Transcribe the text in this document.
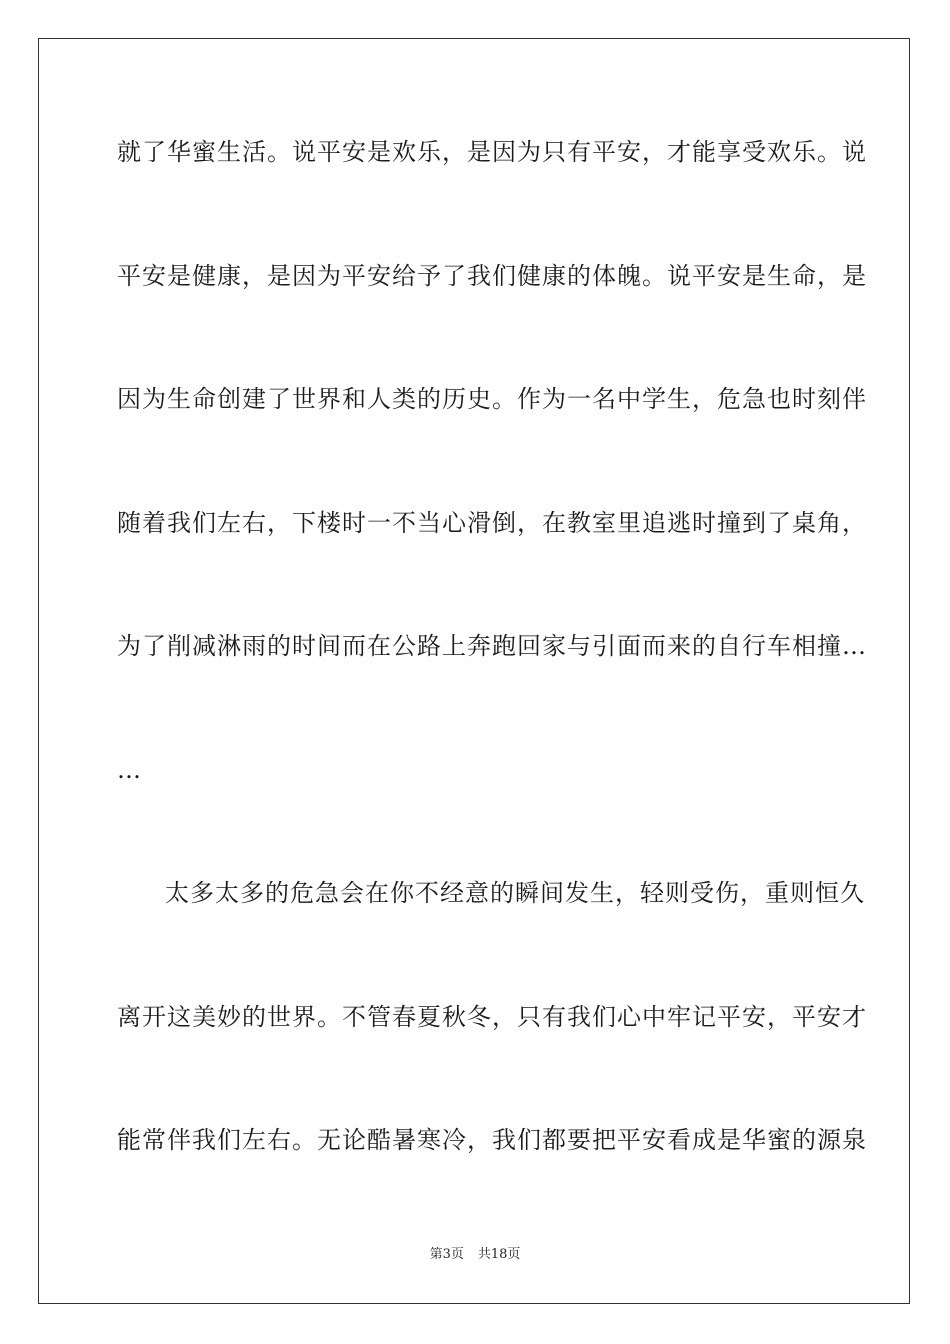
就了华蜜生活。说平安是欢乐，是因为只有平安，才能享受欢乐。说
平安是健康，是因为平安给予了我们健康的体魄。说平安是生命，是
因为生命创建了世界和人类的历史。作为一名中学生，危急也时刻伴
随着我们左右，下楼时一不当心滑倒，在教室里追逃时撞到了桌角，
为了削减淋雨的时间而在公路上奔跑回家与引面而来的自行车相撞…
…
太多太多的危急会在你不经意的瞬间发生，轻则受伤，重则恒久
离开这美妙的世界。不管春夏秋冬，只有我们心中牢记平安，平安才
能常伴我们左右。无论酷暑寒冷，我们都要把平安看成是华蜜的源泉
第3页 共18页
